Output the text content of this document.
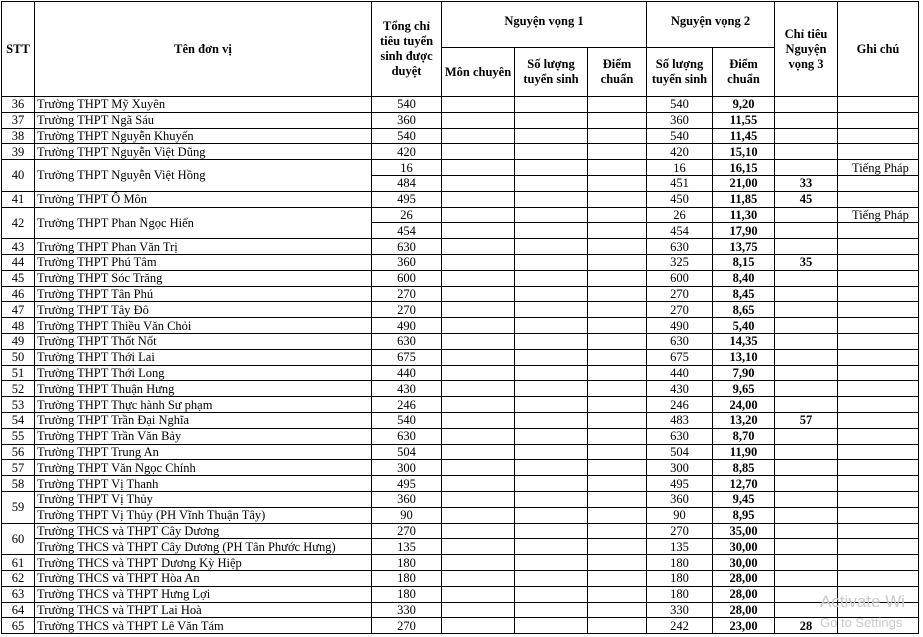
STT	Tên đơn vị	Tổng chỉ tiêu tuyển sinh được duyệt	Nguyện vọng 1			Nguyện vọng 2		Chỉ tiêu Nguyện vọng 3	Ghi chú
			Môn chuyên	Số lượng tuyển sinh	Điểm chuẩn	Số lượng tuyển sinh	Điểm chuẩn		
36	Trường THPT Mỹ Xuyên	540				540	9,20		
37	Trường THPT Ngã Sáu	360				360	11,55		
38	Trường THPT Nguyễn Khuyến	540				540	11,45		
39	Trường THPT Nguyễn Việt Dũng	420				420	15,10		
40	Trường THPT Nguyễn Việt Hồng	16				16	16,15		Tiếng Pháp
		484				451	21,00	33	
41	Trường THPT Ô Môn	495				450	11,85	45	
42	Trường THPT Phan Ngọc Hiển	26				26	11,30		Tiếng Pháp
		454				454	17,90		
43	Trường THPT Phan Văn Trị	630				630	13,75		
44	Trường THPT Phú Tâm	360				325	8,15	35	
45	Trường THPT Sóc Trăng	600				600	8,40		
46	Trường THPT Tân Phú	270				270	8,45		
47	Trường THPT Tây Đô	270				270	8,65		
48	Trường THPT Thiều Văn Chỏi	490				490	5,40		
49	Trường THPT Thốt Nốt	630				630	14,35		
50	Trường THPT Thới Lai	675				675	13,10		
51	Trường THPT Thới Long	440				440	7,90		
52	Trường THPT Thuận Hưng	430				430	9,65		
53	Trường THPT Thực hành Sư phạm	246				246	24,00		
54	Trường THPT Trần Đại Nghĩa	540				483	13,20	57	
55	Trường THPT Trần Văn Bảy	630				630	8,70		
56	Trường THPT Trung An	504				504	11,90		
57	Trường THPT Văn Ngọc Chính	300				300	8,85		
58	Trường THPT Vị Thanh	495				495	12,70		
59	Trường THPT Vị Thủy	360				360	9,45		
	Trường THPT Vị Thủy (PH Vĩnh Thuận Tây)	90				90	8,95		
60	Trường THCS và THPT Cây Dương	270				270	35,00		
	Trường THCS và THPT Cây Dương (PH Tân Phước Hưng)	135				135	30,00		
61	Trường THCS và THPT Dương Kỳ Hiệp	180				180	30,00		
62	Trường THCS và THPT Hòa An	180				180	28,00		
63	Trường THCS và THPT Hưng Lợi	180				180	28,00		
64	Trường THCS và THPT Lai Hoà	330				330	28,00		
65	Trường THCS và THPT Lê Văn Tám	270				242	23,00	28	
Activate Wi
Go to Settings
